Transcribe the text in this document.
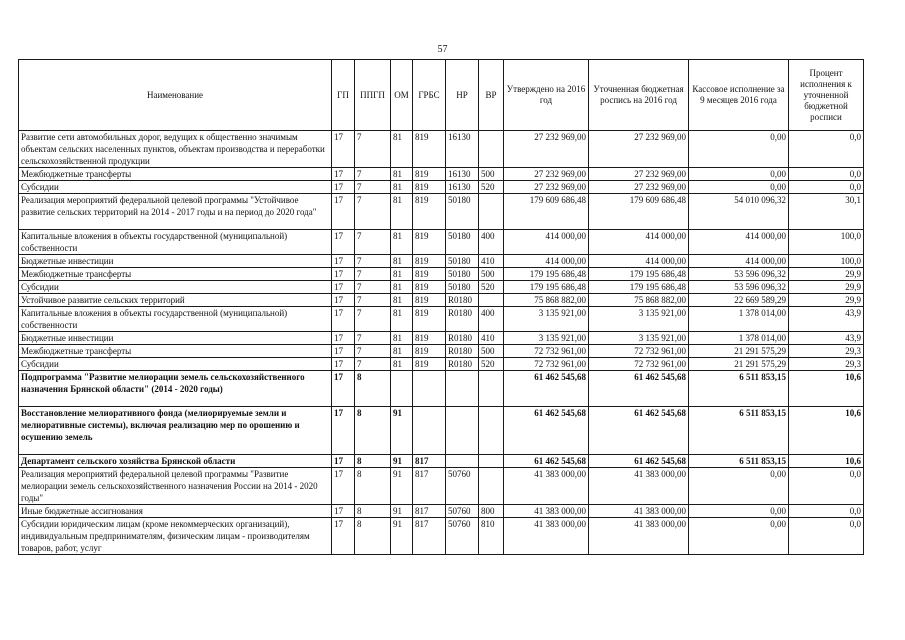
57
Наименование	ГП	ППГП	ОМ	ГРБС	НР	ВР	Утверждено на 2016 год	Уточненная бюджетная роспись на 2016 год	Кассовое исполнение за 9 месяцев 2016 года	Процент исполнения к уточненной бюджетной росписи
Развитие сети автомобильных дорог, ведущих к общественно значимым объектам сельских населенных пунктов, объектам производства и переработки сельскохозяйственной продукции	17	7	81	819	16130		27 232 969,00	27 232 969,00	0,00	0,0
Межбюджетные трансферты	17	7	81	819	16130	500	27 232 969,00	27 232 969,00	0,00	0,0
Субсидии	17	7	81	819	16130	520	27 232 969,00	27 232 969,00	0,00	0,0
Реализация мероприятий федеральной целевой программы "Устойчивое развитие сельских территорий на 2014 - 2017 годы и на период до 2020 года"	17	7	81	819	50180		179 609 686,48	179 609 686,48	54 010 096,32	30,1
Капитальные вложения в объекты государственной (муниципальной) собственности	17	7	81	819	50180	400	414 000,00	414 000,00	414 000,00	100,0
Бюджетные инвестиции	17	7	81	819	50180	410	414 000,00	414 000,00	414 000,00	100,0
Межбюджетные трансферты	17	7	81	819	50180	500	179 195 686,48	179 195 686,48	53 596 096,32	29,9
Субсидии	17	7	81	819	50180	520	179 195 686,48	179 195 686,48	53 596 096,32	29,9
Устойчивое развитие сельских территорий	17	7	81	819	R0180		75 868 882,00	75 868 882,00	22 669 589,29	29,9
Капитальные вложения в объекты государственной (муниципальной) собственности	17	7	81	819	R0180	400	3 135 921,00	3 135 921,00	1 378 014,00	43,9
Бюджетные инвестиции	17	7	81	819	R0180	410	3 135 921,00	3 135 921,00	1 378 014,00	43,9
Межбюджетные трансферты	17	7	81	819	R0180	500	72 732 961,00	72 732 961,00	21 291 575,29	29,3
Субсидии	17	7	81	819	R0180	520	72 732 961,00	72 732 961,00	21 291 575,29	29,3
Подпрограмма "Развитие мелиорации земель сельскохозяйственного назначения Брянской области" (2014 - 2020 годы)	17	8					61 462 545,68	61 462 545,68	6 511 853,15	10,6
Восстановление мелиоративного фонда (мелиорируемые земли и мелиоративные системы), включая реализацию мер по орошению и осушению земель	17	8	91				61 462 545,68	61 462 545,68	6 511 853,15	10,6
Департамент сельского хозяйства Брянской области	17	8	91	817			61 462 545,68	61 462 545,68	6 511 853,15	10,6
Реализация мероприятий федеральной целевой программы "Развитие мелиорации земель сельскохозяйственного назначения России на 2014 - 2020 годы"	17	8	91	817	50760		41 383 000,00	41 383 000,00	0,00	0,0
Иные бюджетные ассигнования	17	8	91	817	50760	800	41 383 000,00	41 383 000,00	0,00	0,0
Субсидии юридическим лицам (кроме некоммерческих организаций), индивидуальным предпринимателям, физическим лицам - производителям товаров, работ, услуг	17	8	91	817	50760	810	41 383 000,00	41 383 000,00	0,00	0,0
